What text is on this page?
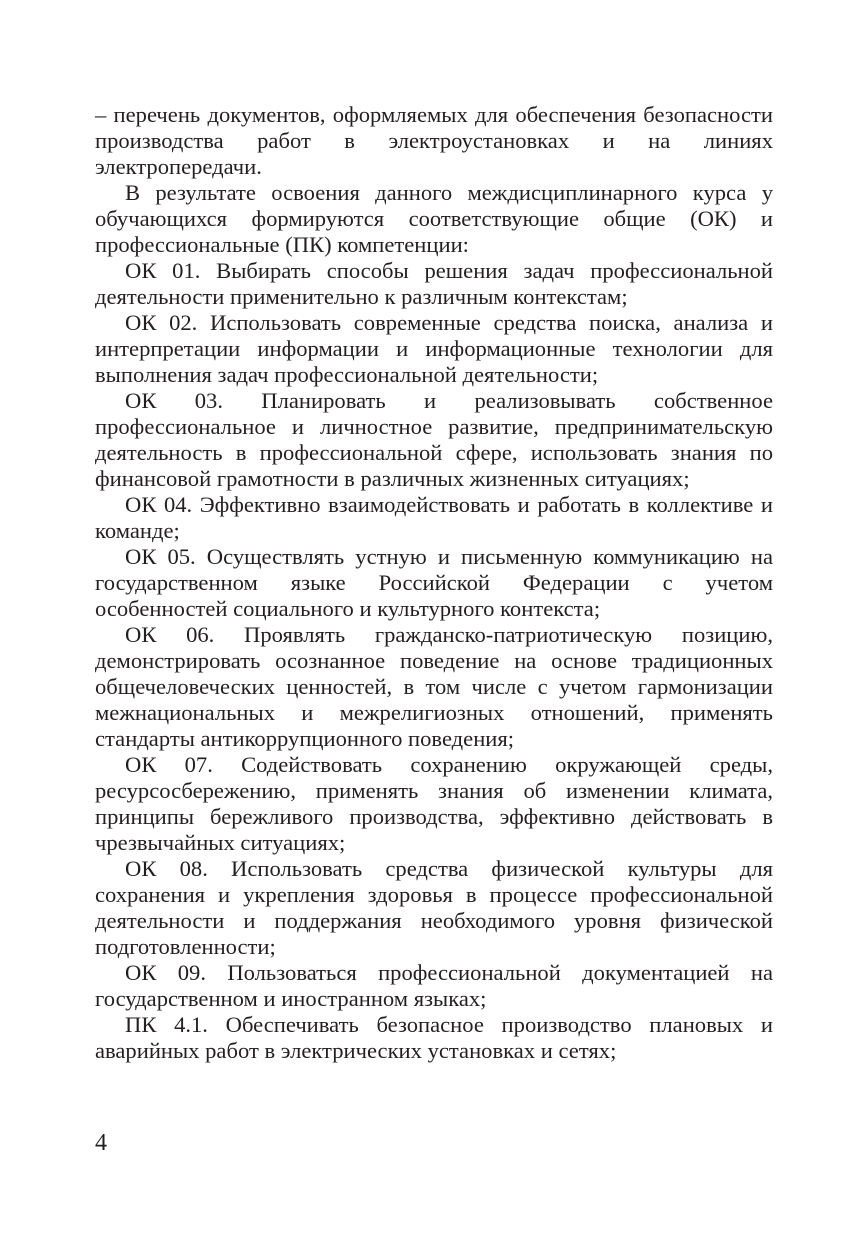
– перечень документов, оформляемых для обеспечения безопасности производства работ в электроустановках и на линиях электропередачи.

В результате освоения данного междисциплинарного курса у обучающихся формируются соответствующие общие (ОК) и профессиональные (ПК) компетенции:

ОК 01. Выбирать способы решения задач профессиональной деятельности применительно к различным контекстам;

ОК 02. Использовать современные средства поиска, анализа и интерпретации информации и информационные технологии для выполнения задач профессиональной деятельности;

ОК 03. Планировать и реализовывать собственное профессиональное и личностное развитие, предпринимательскую деятельность в профессиональной сфере, использовать знания по финансовой грамотности в различных жизненных ситуациях;

ОК 04. Эффективно взаимодействовать и работать в коллективе и команде;

ОК 05. Осуществлять устную и письменную коммуникацию на государственном языке Российской Федерации с учетом особенностей социального и культурного контекста;

ОК 06. Проявлять гражданско-патриотическую позицию, демонстрировать осознанное поведение на основе традиционных общечеловеческих ценностей, в том числе с учетом гармонизации межнациональных и межрелигиозных отношений, применять стандарты антикоррупционного поведения;

ОК 07. Содействовать сохранению окружающей среды, ресурсосбережению, применять знания об изменении климата, принципы бережливого производства, эффективно действовать в чрезвычайных ситуациях;

ОК 08. Использовать средства физической культуры для сохранения и укрепления здоровья в процессе профессиональной деятельности и поддержания необходимого уровня физической подготовленности;

ОК 09. Пользоваться профессиональной документацией на государственном и иностранном языках;

ПК 4.1. Обеспечивать безопасное производство плановых и аварийных работ в электрических установках и сетях;

4
